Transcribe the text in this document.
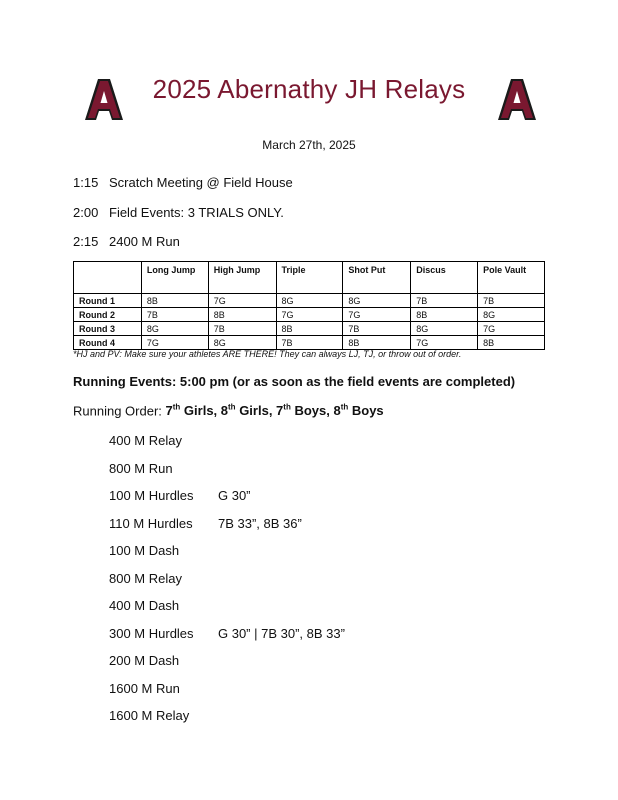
A
2025 Abernathy JH Relays
March 27th, 2025
1:15 Scratch Meeting @ Field House
2:00 Field Events: 3 TRIALS ONLY.
2:15 2400 M Run
	Long Jump	High Jump	Triple	Shot Put	Discus	Pole Vault
Round 1	8B	7G	8G	8G	7B	7B
Round 2	7B	8B	7G	7G	8B	8G
Round 3	8G	7B	8B	7B	8G	7G
Round 4	7G	8G	7B	8B	7G	8B
*HJ and PV: Make sure your athletes ARE THERE! They can always LJ, TJ, or throw out of order.
Running Events: 5:00 pm (or as soon as the field events are completed)
Running Order: 7th Girls, 8th Girls, 7th Boys, 8th Boys
400 M Relay
800 M Run
100 M Hurdles G 30”
110 M Hurdles 7B 33”, 8B 36”
100 M Dash
800 M Relay
400 M Dash
300 M Hurdles G 30” | 7B 30”, 8B 33”
200 M Dash
1600 M Run
1600 M Relay
